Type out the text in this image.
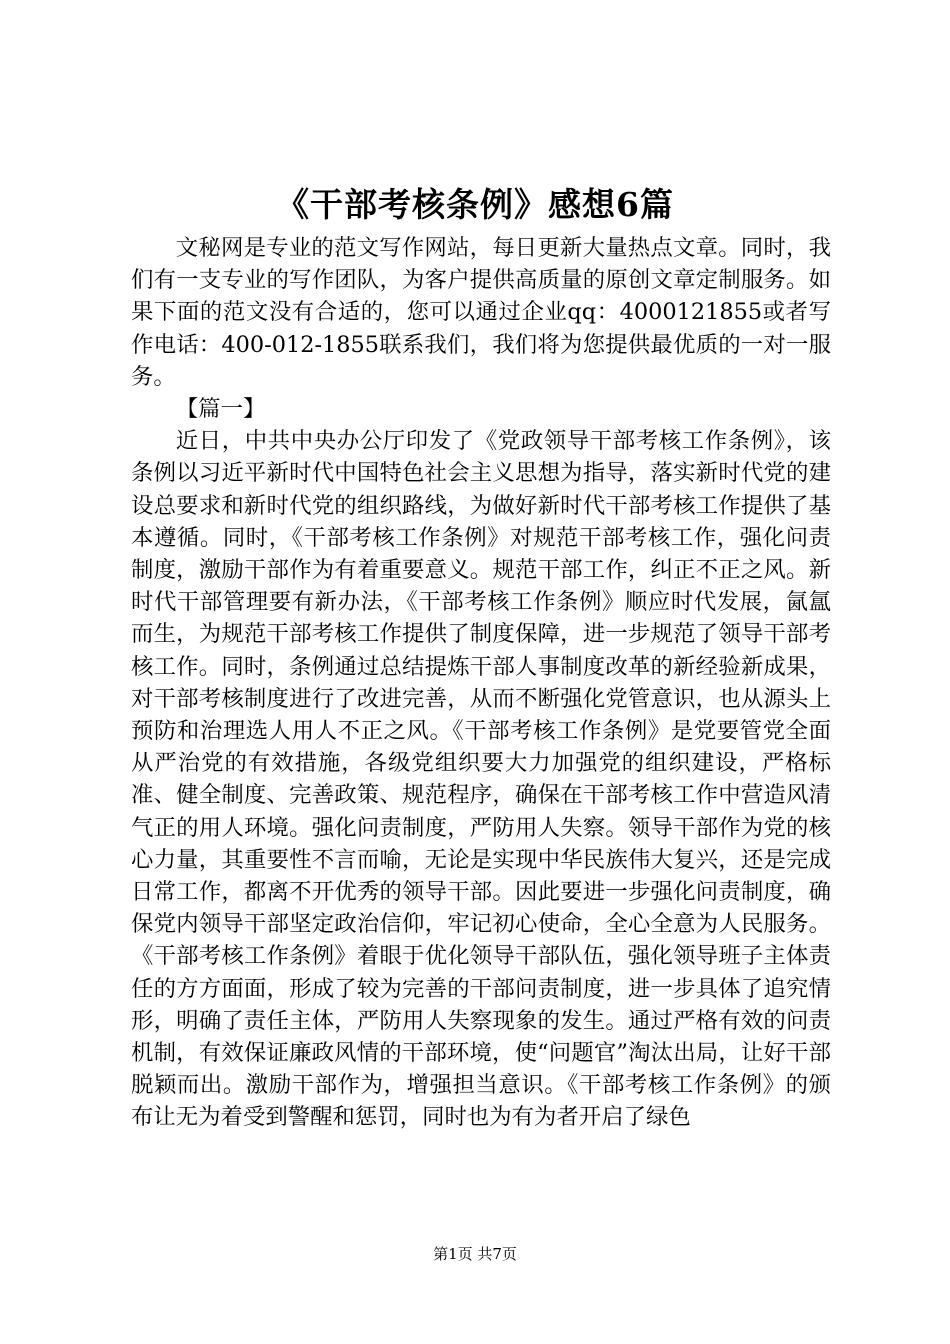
《干部考核条例》感想6篇

文秘网是专业的范文写作网站，每日更新大量热点文章。同时，我们有一支专业的写作团队，为客户提供高质量的原创文章定制服务。如果下面的范文没有合适的，您可以通过企业qq：4000121855或者写作电话：400-012-1855联系我们，我们将为您提供最优质的一对一服务。

【篇一】

近日，中共中央办公厅印发了《党政领导干部考核工作条例》，该条例以习近平新时代中国特色社会主义思想为指导，落实新时代党的建设总要求和新时代党的组织路线，为做好新时代干部考核工作提供了基本遵循。同时，《干部考核工作条例》对规范干部考核工作，强化问责制度，激励干部作为有着重要意义。规范干部工作，纠正不正之风。新时代干部管理要有新办法，《干部考核工作条例》顺应时代发展，氤氲而生，为规范干部考核工作提供了制度保障，进一步规范了领导干部考核工作。同时，条例通过总结提炼干部人事制度改革的新经验新成果，对干部考核制度进行了改进完善，从而不断强化党管意识，也从源头上预防和治理选人用人不正之风。《干部考核工作条例》是党要管党全面从严治党的有效措施，各级党组织要大力加强党的组织建设，严格标准、健全制度、完善政策、规范程序，确保在干部考核工作中营造风清气正的用人环境。强化问责制度，严防用人失察。领导干部作为党的核心力量，其重要性不言而喻，无论是实现中华民族伟大复兴，还是完成日常工作，都离不开优秀的领导干部。因此要进一步强化问责制度，确保党内领导干部坚定政治信仰，牢记初心使命，全心全意为人民服务。《干部考核工作条例》着眼于优化领导干部队伍，强化领导班子主体责任的方方面面，形成了较为完善的干部问责制度，进一步具体了追究情形，明确了责任主体，严防用人失察现象的发生。通过严格有效的问责机制，有效保证廉政风情的干部环境，使“问题官”淘汰出局，让好干部脱颖而出。激励干部作为，增强担当意识。《干部考核工作条例》的颁布让无为着受到警醒和惩罚，同时也为有为者开启了绿色

第1页 共7页
